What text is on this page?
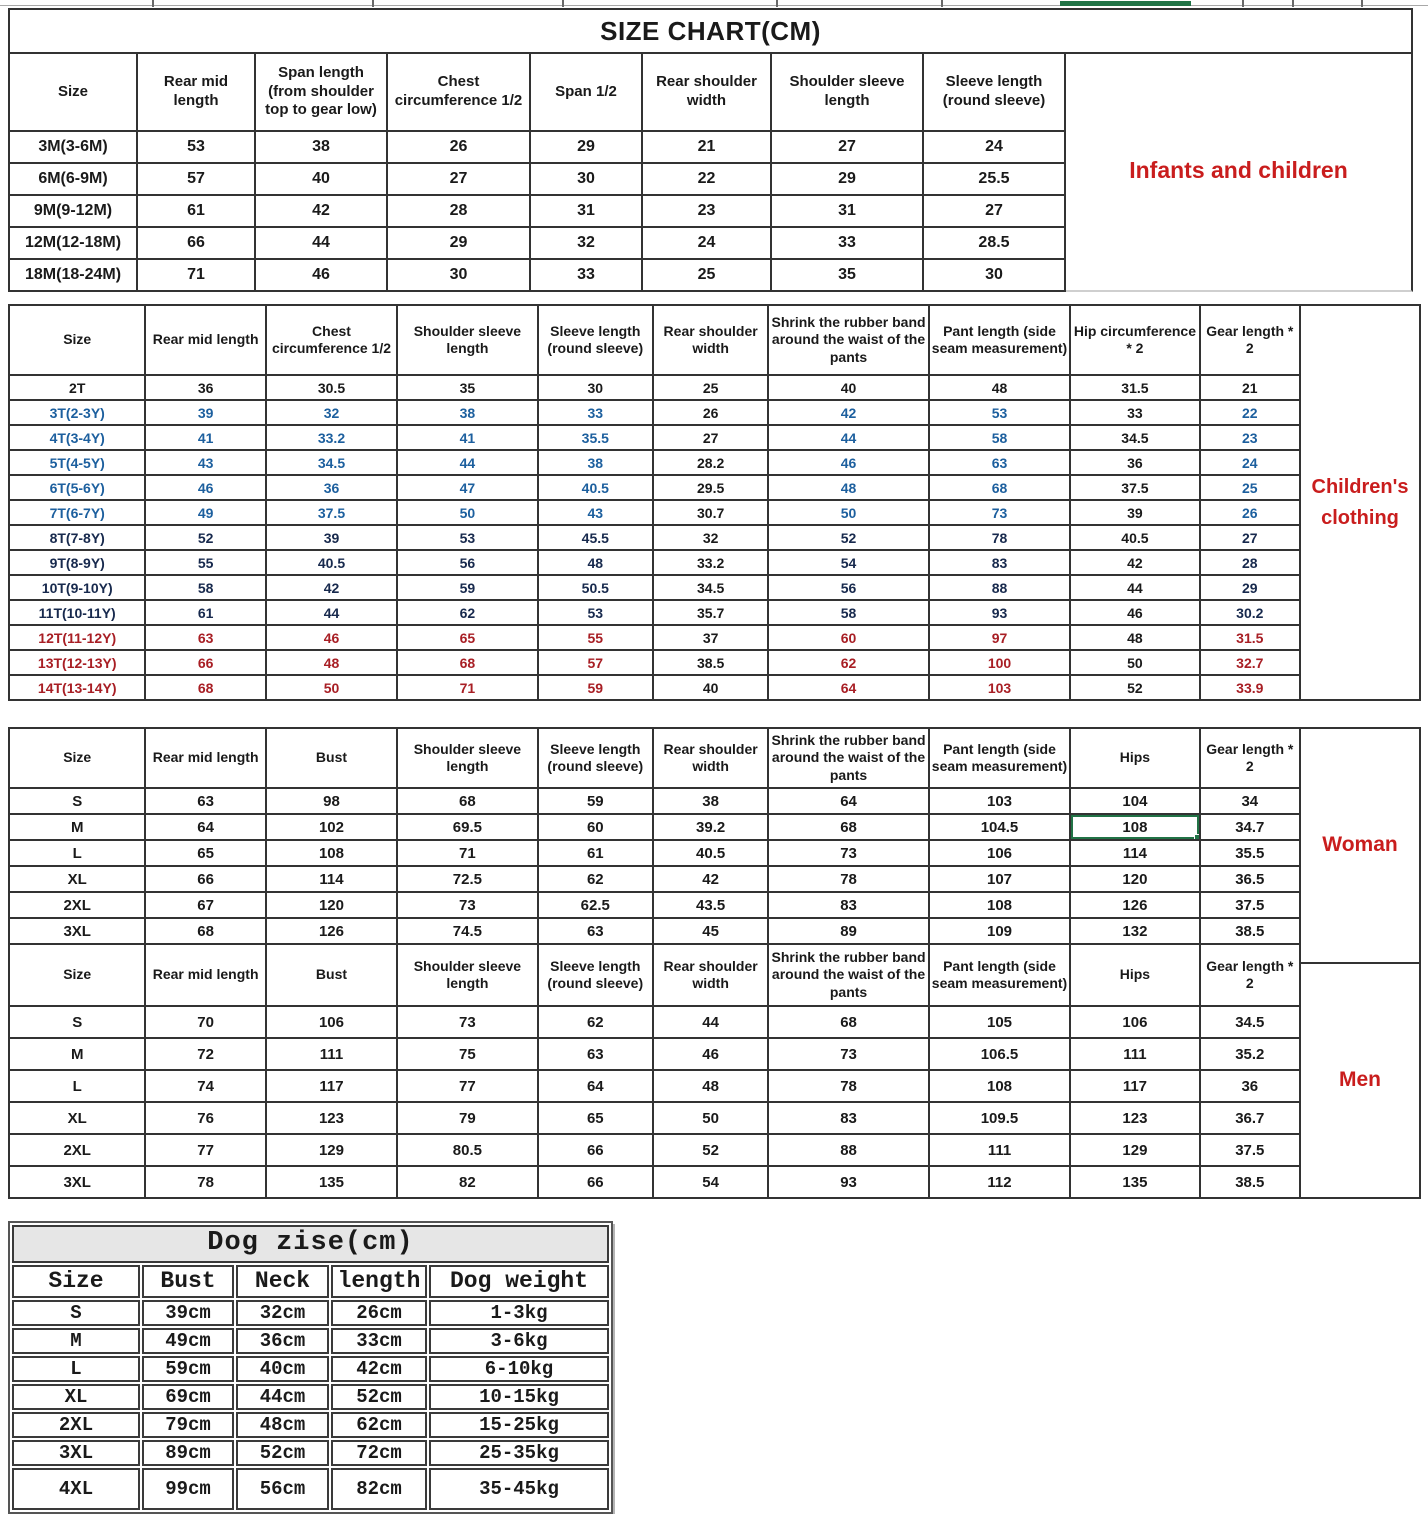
SIZE CHART(CM)
Size	Rear mid length	Span length (from shoulder top to gear low)	Chest circumference 1/2	Span 1/2	Rear shoulder width	Shoulder sleeve length	Sleeve length (round sleeve)
3M(3-6M)	53	38	26	29	21	27	24
6M(6-9M)	57	40	27	30	22	29	25.5
9M(9-12M)	61	42	28	31	23	31	27
12M(12-18M)	66	44	29	32	24	33	28.5
18M(18-24M)	71	46	30	33	25	35	30
Infants and children
Size	Rear mid length	Chest circumference 1/2	Shoulder sleeve length	Sleeve length (round sleeve)	Rear shoulder width	Shrink the rubber band around the waist of the pants	Pant length (side seam measurement)	Hip circumference * 2	Gear length * 2
2T	36	30.5	35	30	25	40	48	31.5	21
3T(2-3Y)	39	32	38	33	26	42	53	33	22
4T(3-4Y)	41	33.2	41	35.5	27	44	58	34.5	23
5T(4-5Y)	43	34.5	44	38	28.2	46	63	36	24
6T(5-6Y)	46	36	47	40.5	29.5	48	68	37.5	25
7T(6-7Y)	49	37.5	50	43	30.7	50	73	39	26
8T(7-8Y)	52	39	53	45.5	32	52	78	40.5	27
9T(8-9Y)	55	40.5	56	48	33.2	54	83	42	28
10T(9-10Y)	58	42	59	50.5	34.5	56	88	44	29
11T(10-11Y)	61	44	62	53	35.7	58	93	46	30.2
12T(11-12Y)	63	46	65	55	37	60	97	48	31.5
13T(12-13Y)	66	48	68	57	38.5	62	100	50	32.7
14T(13-14Y)	68	50	71	59	40	64	103	52	33.9
Children's clothing
Size	Rear mid length	Bust	Shoulder sleeve length	Sleeve length (round sleeve)	Rear shoulder width	Shrink the rubber band around the waist of the pants	Pant length (side seam measurement)	Hips	Gear length * 2
S	63	98	68	59	38	64	103	104	34
M	64	102	69.5	60	39.2	68	104.5	108	34.7
L	65	108	71	61	40.5	73	106	114	35.5
XL	66	114	72.5	62	42	78	107	120	36.5
2XL	67	120	73	62.5	43.5	83	108	126	37.5
3XL	68	126	74.5	63	45	89	109	132	38.5
Size	Rear mid length	Bust	Shoulder sleeve length	Sleeve length (round sleeve)	Rear shoulder width	Shrink the rubber band around the waist of the pants	Pant length (side seam measurement)	Hips	Gear length * 2
S	70	106	73	62	44	68	105	106	34.5
M	72	111	75	63	46	73	106.5	111	35.2
L	74	117	77	64	48	78	108	117	36
XL	76	123	79	65	50	83	109.5	123	36.7
2XL	77	129	80.5	66	52	88	111	129	37.5
3XL	78	135	82	66	54	93	112	135	38.5
Woman
Men
Dog zise(cm)				
Size	Bust	Neck	length	Dog weight
S	39cm	32cm	26cm	1-3kg
M	49cm	36cm	33cm	3-6kg
L	59cm	40cm	42cm	6-10kg
XL	69cm	44cm	52cm	10-15kg
2XL	79cm	48cm	62cm	15-25kg
3XL	89cm	52cm	72cm	25-35kg
4XL	99cm	56cm	82cm	35-45kg
